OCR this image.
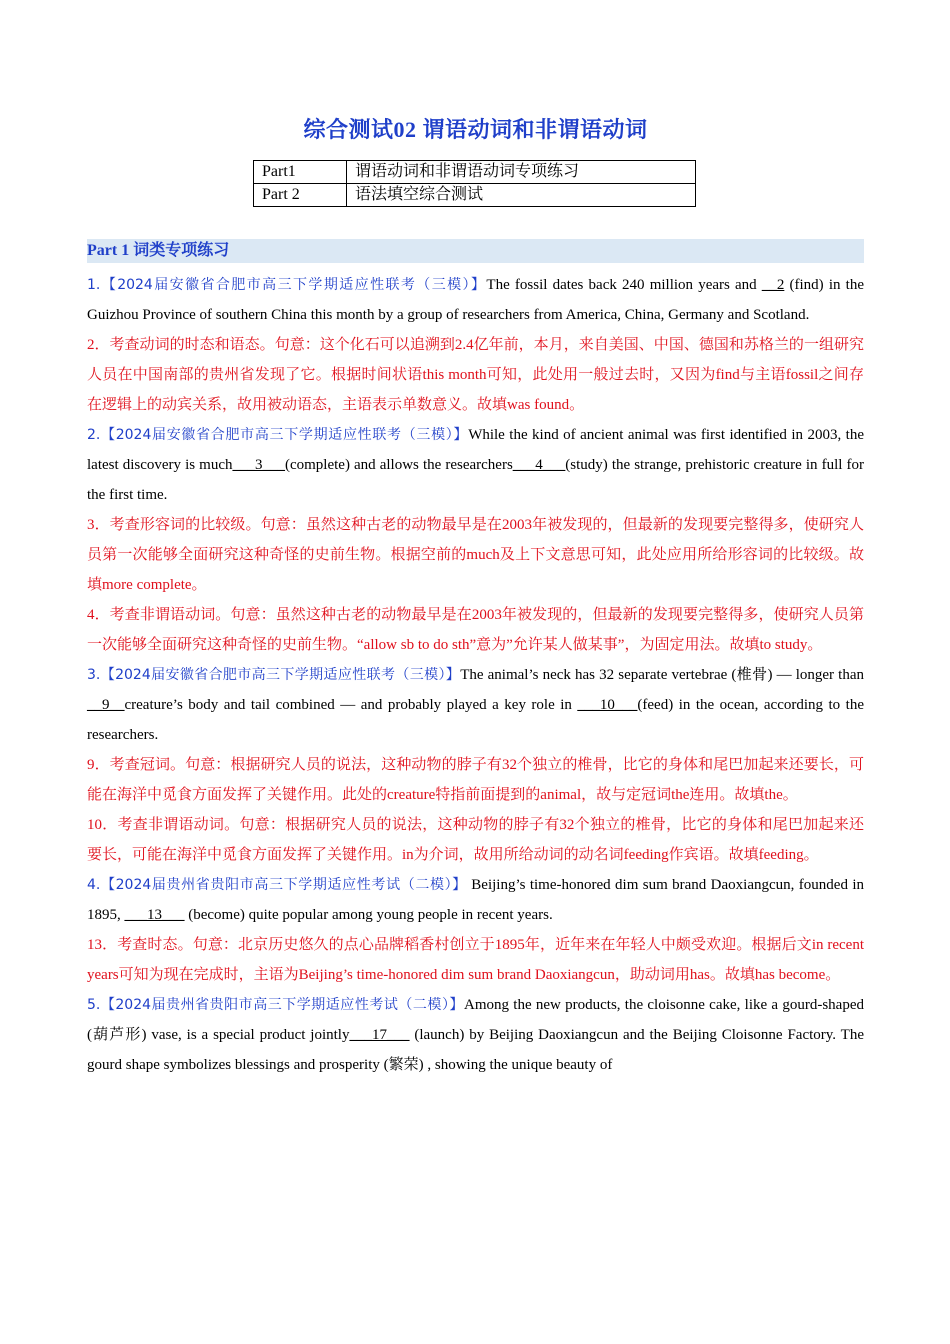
综合测试02 谓语动词和非谓语动词
Part1	谓语动词和非谓语动词专项练习
Part 2	语法填空综合测试
Part 1 词类专项练习

1.【2024届安徽省合肥市高三下学期适应性联考（三模）】The fossil dates back 240 million years and __2 (find) in the Guizhou Province of southern China this month by a group of researchers from America, China, Germany and Scotland.

2．考查动词的时态和语态。句意：这个化石可以追溯到2.4亿年前，本月，来自美国、中国、德国和苏格兰的一组研究人员在中国南部的贵州省发现了它。根据时间状语this month可知，此处用一般过去时，又因为find与主语fossil之间存在逻辑上的动宾关系，故用被动语态，主语表示单数意义。故填was found。

2.【2024届安徽省合肥市高三下学期适应性联考（三模）】While the kind of ancient animal was first identified in 2003, the latest discovery is much___3___(complete) and allows the researchers___4___(study) the strange, prehistoric creature in full for the first time.

3．考查形容词的比较级。句意：虽然这种古老的动物最早是在2003年被发现的，但最新的发现要完整得多，使研究人员第一次能够全面研究这种奇怪的史前生物。根据空前的much及上下文意思可知，此处应用所给形容词的比较级。故填more complete。

4．考查非谓语动词。句意：虽然这种古老的动物最早是在2003年被发现的，但最新的发现要完整得多，使研究人员第一次能够全面研究这种奇怪的史前生物。“allow sb to do sth”意为”允许某人做某事”，为固定用法。故填to study。

3.【2024届安徽省合肥市高三下学期适应性联考（三模）】The animal’s neck has 32 separate vertebrae (椎骨) — longer than __9__creature’s body and tail combined — and probably played a key role in ___10___(feed) in the ocean, according to the researchers.

9．考查冠词。句意：根据研究人员的说法，这种动物的脖子有32个独立的椎骨，比它的身体和尾巴加起来还要长，可能在海洋中觅食方面发挥了关键作用。此处的creature特指前面提到的animal，故与定冠词the连用。故填the。

10．考查非谓语动词。句意：根据研究人员的说法，这种动物的脖子有32个独立的椎骨，比它的身体和尾巴加起来还要长，可能在海洋中觅食方面发挥了关键作用。in为介词，故用所给动词的动名词feeding作宾语。故填feeding。

4.【2024届贵州省贵阳市高三下学期适应性考试（二模）】 Beijing’s time-honored dim sum brand Daoxiangcun, founded in 1895, ___13___ (become) quite popular among young people in recent years.

13．考查时态。句意：北京历史悠久的点心品牌稻香村创立于1895年，近年来在年轻人中颇受欢迎。根据后文in recent years可知为现在完成时，主语为Beijing’s time-honored dim sum brand Daoxiangcun，助动词用has。故填has become。

5.【2024届贵州省贵阳市高三下学期适应性考试（二模）】Among the new products, the cloisonne cake, like a gourd-shaped (葫芦形) vase, is a special product jointly___17___ (launch) by Beijing Daoxiangcun and the Beijing Cloisonne Factory. The gourd shape symbolizes blessings and prosperity (繁荣) , showing the unique beauty of
